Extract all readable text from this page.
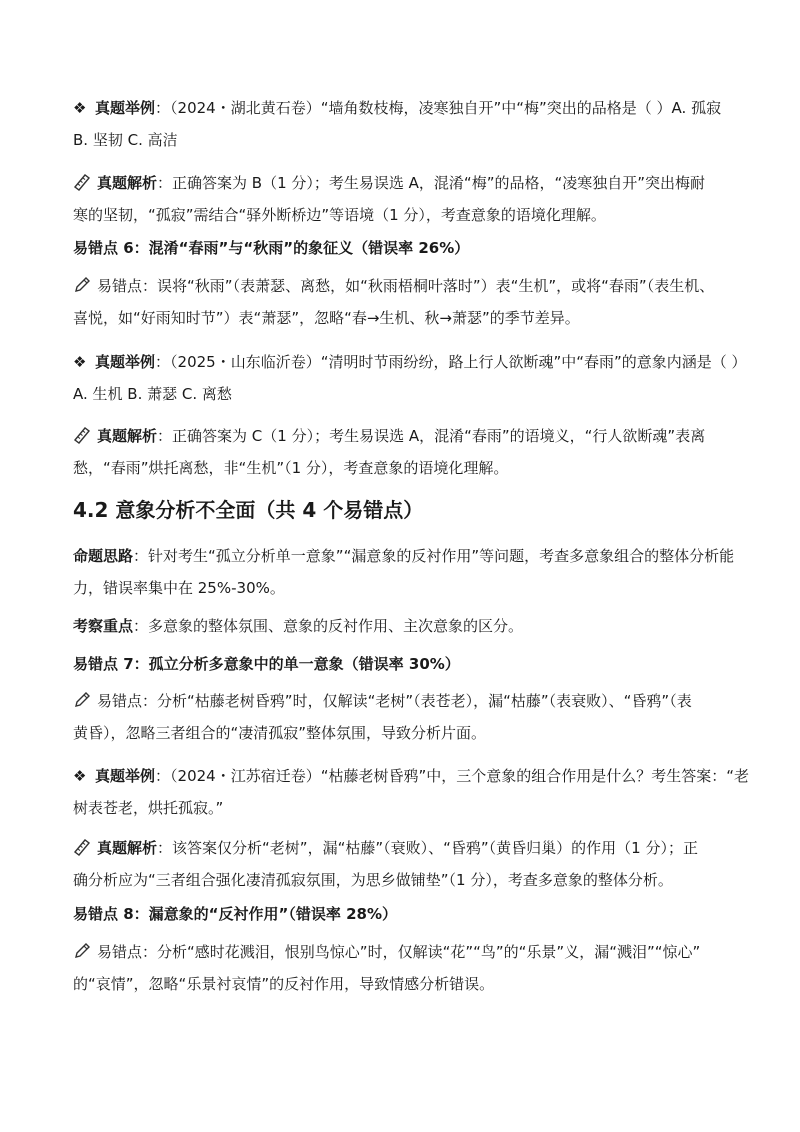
❖ 真题举例：（2024・湖北黄石卷）“墙角数枝梅，凌寒独自开”中“梅”突出的品格是（ ）A. 孤寂
B. 坚韧 C. 高洁
真题解析：正确答案为 B（1 分）；考生易误选 A，混淆“梅”的品格，“凌寒独自开”突出梅耐
寒的坚韧，“孤寂”需结合“驿外断桥边”等语境（1 分），考查意象的语境化理解。
易错点 6：混淆“春雨”与“秋雨”的象征义（错误率 26%）
易错点：误将“秋雨”（表萧瑟、离愁，如“秋雨梧桐叶落时”）表“生机”，或将“春雨”（表生机、
喜悦，如“好雨知时节”）表“萧瑟”，忽略“春→生机、秋→萧瑟”的季节差异。
❖ 真题举例：（2025・山东临沂卷）“清明时节雨纷纷，路上行人欲断魂”中“春雨”的意象内涵是（ ）
A. 生机 B. 萧瑟 C. 离愁
真题解析：正确答案为 C（1 分）；考生易误选 A，混淆“春雨”的语境义，“行人欲断魂”表离
愁，“春雨”烘托离愁，非“生机”（1 分），考查意象的语境化理解。
4.2 意象分析不全面（共 4 个易错点）
命题思路：针对考生“孤立分析单一意象”“漏意象的反衬作用”等问题，考查多意象组合的整体分析能
力，错误率集中在 25%-30%。
考察重点：多意象的整体氛围、意象的反衬作用、主次意象的区分。
易错点 7：孤立分析多意象中的单一意象（错误率 30%）
易错点：分析“枯藤老树昏鸦”时，仅解读“老树”（表苍老），漏“枯藤”（表衰败）、“昏鸦”（表
黄昏），忽略三者组合的“凄清孤寂”整体氛围，导致分析片面。
❖ 真题举例：（2024・江苏宿迁卷）“枯藤老树昏鸦”中，三个意象的组合作用是什么？考生答案：“老
树表苍老，烘托孤寂。”
真题解析：该答案仅分析“老树”，漏“枯藤”（衰败）、“昏鸦”（黄昏归巢）的作用（1 分）；正
确分析应为“三者组合强化凄清孤寂氛围，为思乡做铺垫”（1 分），考查多意象的整体分析。
易错点 8：漏意象的“反衬作用”（错误率 28%）
易错点：分析“感时花溅泪，恨别鸟惊心”时，仅解读“花”“鸟”的“乐景”义，漏“溅泪”“惊心”
的“哀情”，忽略“乐景衬哀情”的反衬作用，导致情感分析错误。
